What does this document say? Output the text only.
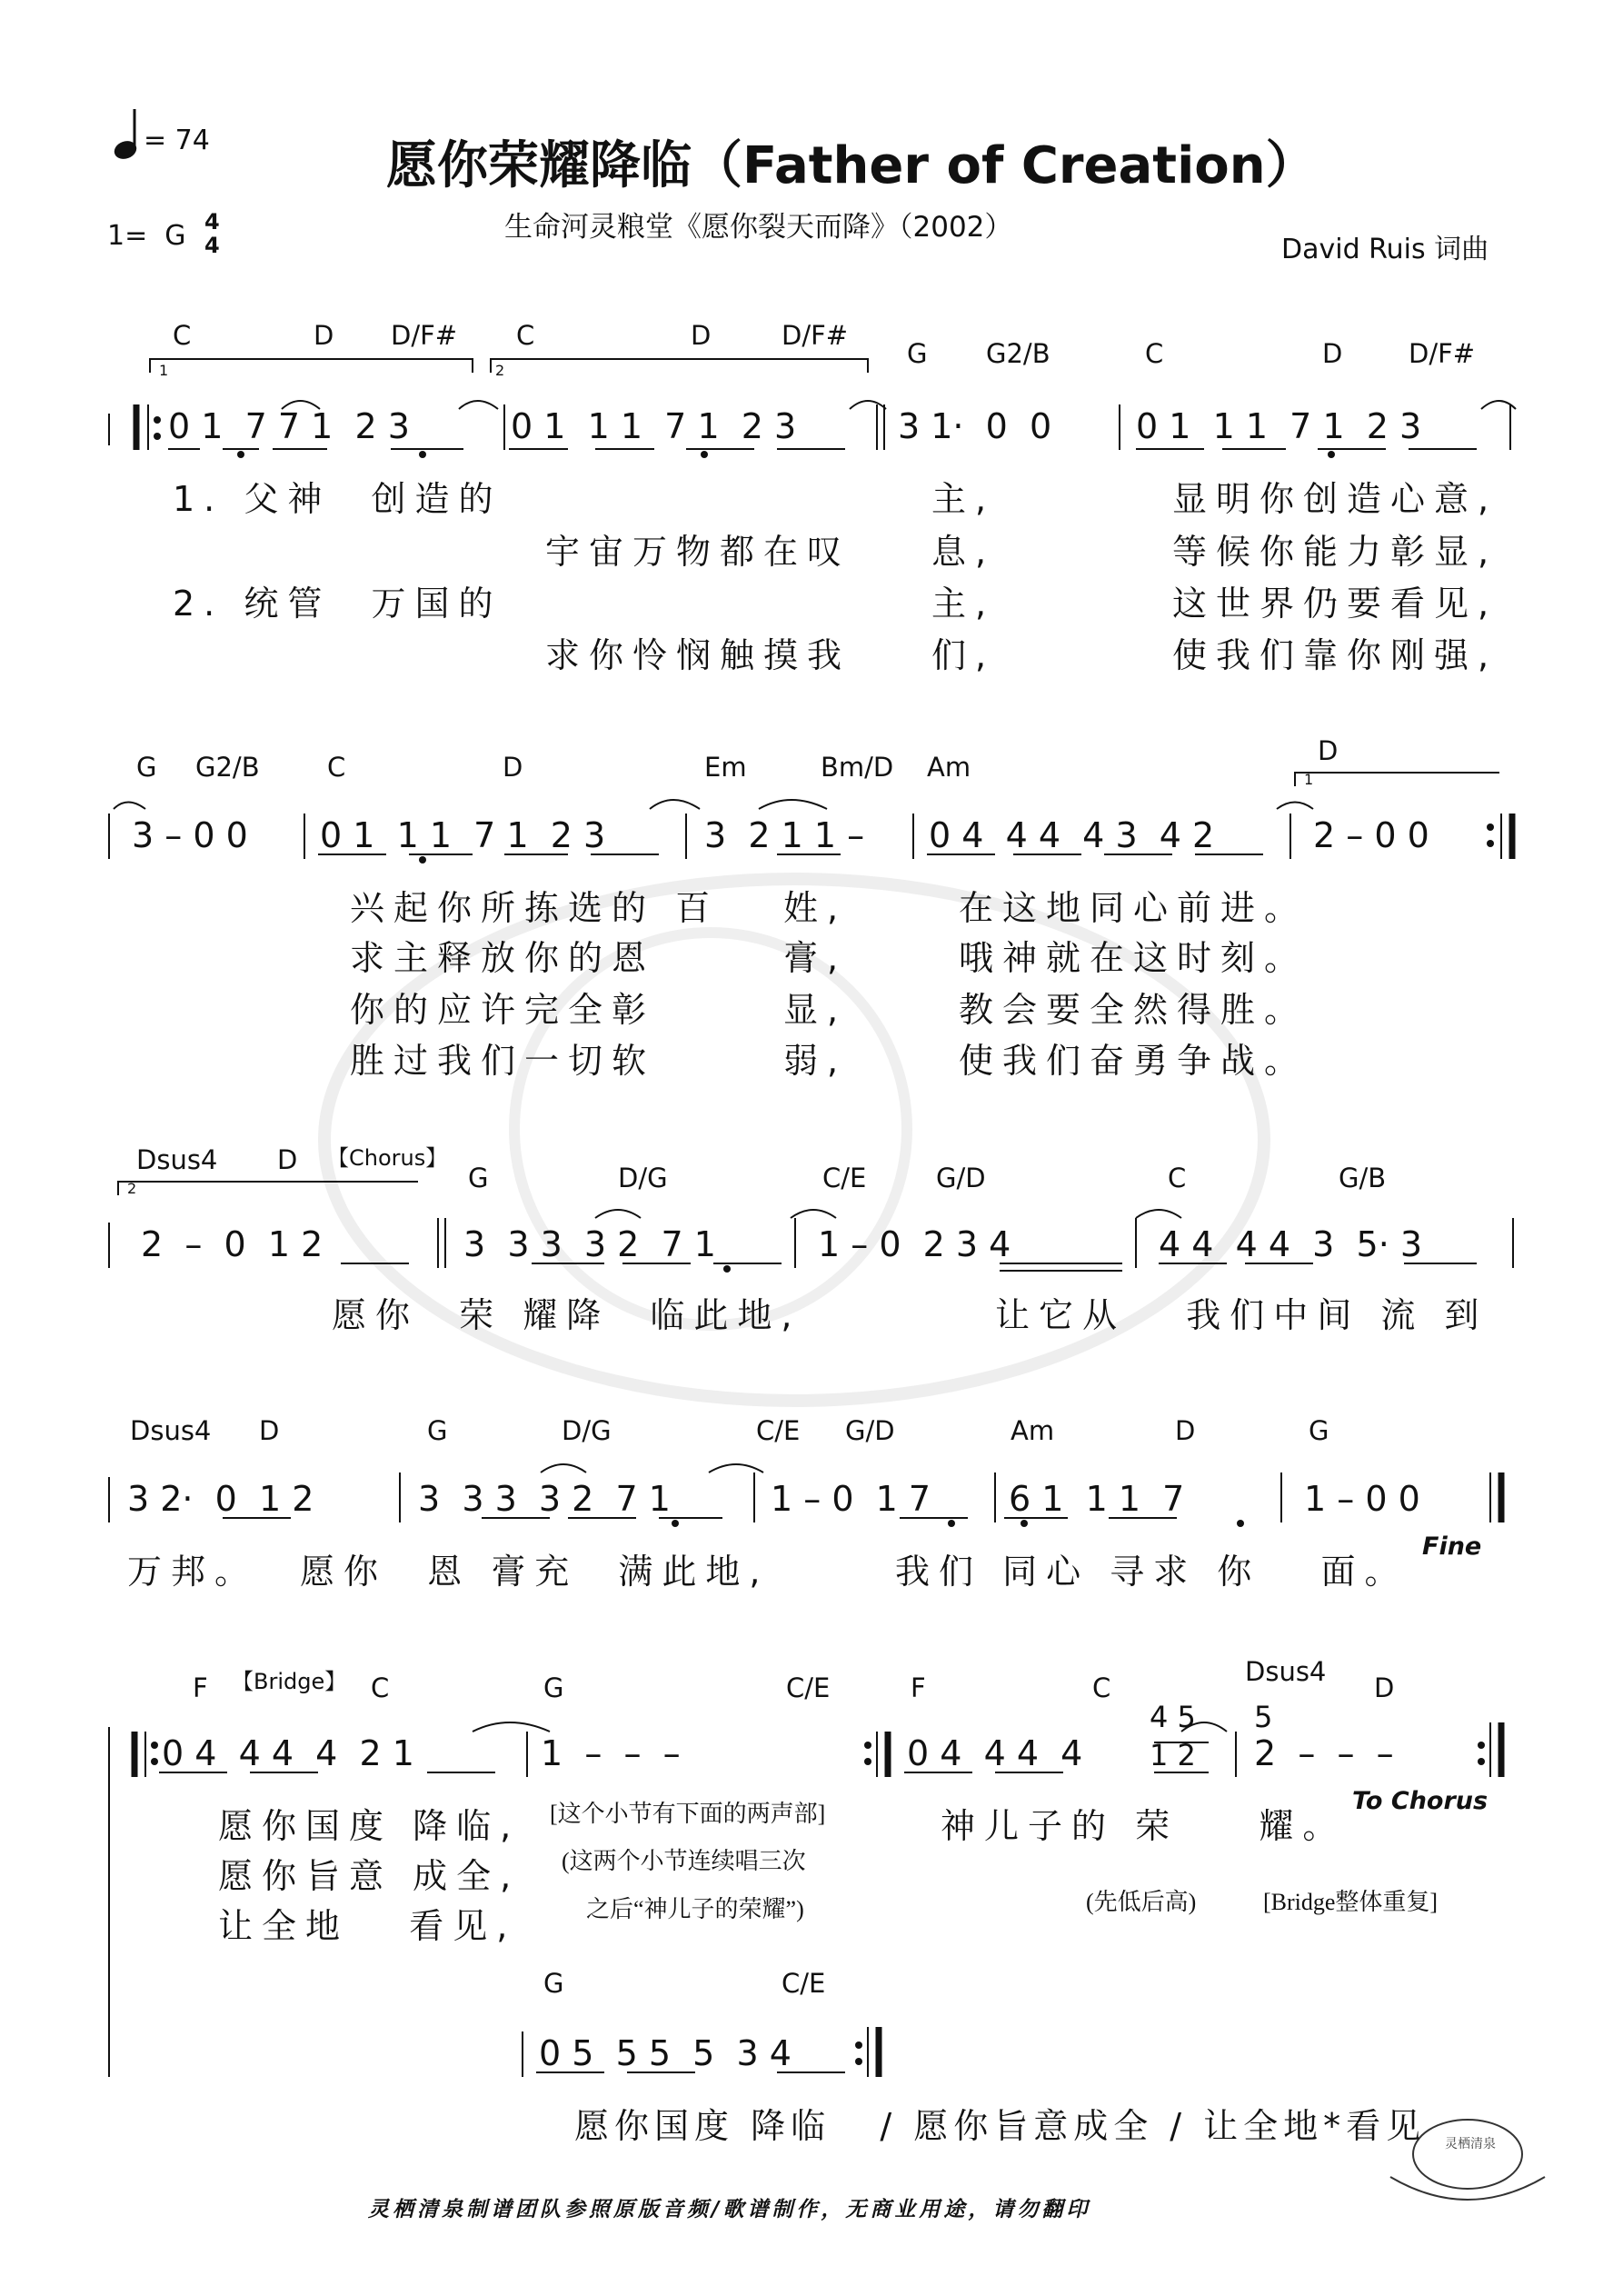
= 74
1=  G 4
4
愿你荣耀降临（Father of Creation）
生命河灵粮堂《愿你裂天而降》（2002）
David Ruis 词曲
C	D D/F# C	D	D/F#
G G2/B	C	D	D/F#
1	2
0 1  7 7 1  2 3	0 1  1 1  7 1  2 3	3 1·  0  0 0 1  1 1  7 1  2 3
1. 父神  创造的	主,	显明你创造心意,
宇宙万物都在叹 息,	等候你能力彰显,
2. 统管  万国的	主,	这世界仍要看见,
求你怜悯触摸我 们,	使我们靠你刚强,
G G2/B	C	D	Em	Bm/D Am
D
1
3 – 0 0 0 1  1 1  7 1  2 3	3  2 1 1 – 0 4  4 4  4 3  4 2	2 – 0 0
兴起你所拣选的 百 姓,	在这地同心前进。
求主释放你的恩	膏,	哦神就在这时刻。
你的应许完全彰	显,	教会要全然得胜。
胜过我们一切软	弱,	使我们奋勇争战。
Dsus4 D 【Chorus】
G	D/G	C/E	G/D	C	G/B
2
2  –  0  1 2	3  3 3  3 2  7 1	1 – 0  2 3 4	4 4  4 4  3  5· 3
愿你  荣 耀降  临此地,	让它从   我们中间 流 到
Dsus4 D	G	D/G	C/E G/D	Am	D	G
3 2·  0  1 2	3  3 3  3 2  7 1	1 – 0  1 7 6 1  1 1  7	1 – 0 0
Fine
万邦。 愿你  恩 膏充  满此地,	我们 同心 寻求 你   面。
F 【Bridge】 C	G	C/E	F	C
Dsus4
D
0 4  4 4  4  2 1	1  –  –  –	0 4  4 4  4
4 5
1 2
5
2  –  –  –
To Chorus
愿你国度 降临,
愿你旨意 成全,
让全地   看见,
神儿子的 荣    耀。
[这个小节有下面的两声部]
(这两个小节连续唱三次
之后“神儿子的荣耀”)	(先低后高)	[Bridge整体重复]
G	C/E
0 5  5 5  5  3 4
愿你国度 降临   / 愿你旨意成全 / 让全地*看见
灵栖清泉制谱团队参照原版音频/歌谱制作，无商业用途，请勿翻印
灵栖清泉
